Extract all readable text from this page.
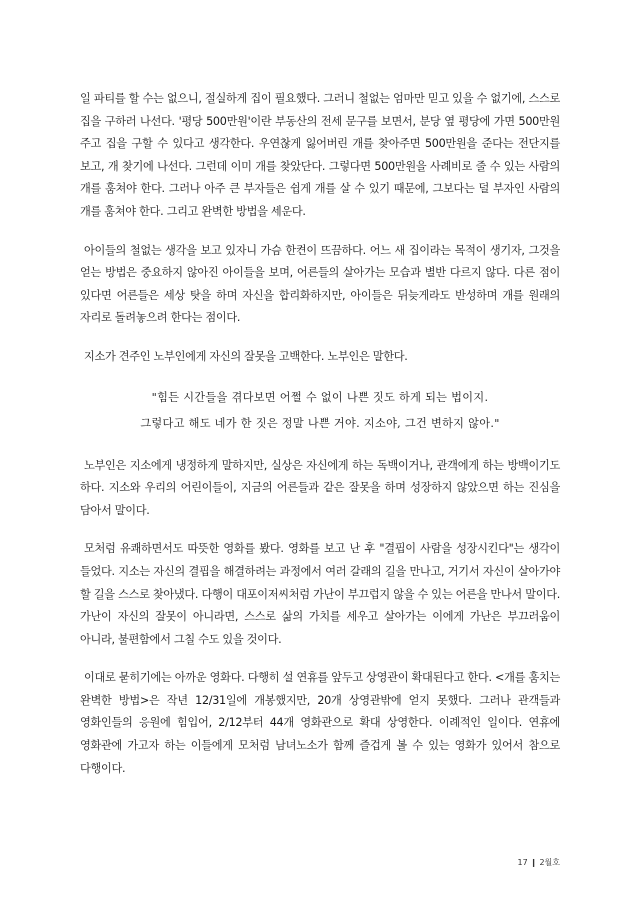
일 파티를 할 수는 없으니, 절실하게 집이 필요했다. 그러니 철없는 엄마만 믿고 있을 수 없기에, 스스로 집을 구하러 나선다. '평당 500만원'이란 부동산의 전세 문구를 보면서, 분당 옆 평당에 가면 500만원 주고 집을 구할 수 있다고 생각한다. 우연찮게 잃어버린 개를 찾아주면 500만원을 준다는 전단지를 보고, 개 찾기에 나선다. 그런데 이미 개를 찾았단다. 그렇다면 500만원을 사례비로 줄 수 있는 사람의 개를 훔쳐야 한다. 그러나 아주 큰 부자들은 쉽게 개를 살 수 있기 때문에, 그보다는 덜 부자인 사람의 개를 훔쳐야 한다. 그리고 완벽한 방법을 세운다.

아이들의 철없는 생각을 보고 있자니 가슴 한켠이 뜨끔하다. 어느 새 집이라는 목적이 생기자, 그것을 얻는 방법은 중요하지 않아진 아이들을 보며, 어른들의 살아가는 모습과 별반 다르지 않다. 다른 점이 있다면 어른들은 세상 탓을 하며 자신을 합리화하지만, 아이들은 뒤늦게라도 반성하며 개를 원래의 자리로 돌려놓으려 한다는 점이다.

지소가 견주인 노부인에게 자신의 잘못을 고백한다. 노부인은 말한다.

"힘든 시간들을 겪다보면 어쩔 수 없이 나쁜 짓도 하게 되는 법이지.
그렇다고 해도 네가 한 짓은 정말 나쁜 거야. 지소야, 그건 변하지 않아."

노부인은 지소에게 냉정하게 말하지만, 실상은 자신에게 하는 독백이거나, 관객에게 하는 방백이기도 하다. 지소와 우리의 어린이들이, 지금의 어른들과 같은 잘못을 하며 성장하지 않았으면 하는 진심을 담아서 말이다.

모처럼 유쾌하면서도 따뜻한 영화를 봤다. 영화를 보고 난 후 "결핍이 사람을 성장시킨다"는 생각이 들었다. 지소는 자신의 결핍을 해결하려는 과정에서 여러 갈래의 길을 만나고, 거기서 자신이 살아가야 할 길을 스스로 찾아냈다. 다행이 대포이저씨처럼 가난이 부끄럽지 않을 수 있는 어른을 만나서 말이다. 가난이 자신의 잘못이 아니라면, 스스로 삶의 가치를 세우고 살아가는 이에게 가난은 부끄러움이 아니라, 불편함에서 그칠 수도 있을 것이다.

이대로 묻히기에는 아까운 영화다. 다행히 설 연휴를 앞두고 상영관이 확대된다고 한다. <개를 훔치는 완벽한 방법>은 작년 12/31일에 개봉했지만, 20개 상영관밖에 얻지 못했다. 그러나 관객들과 영화인들의 응원에 힘입어, 2/12부터 44개 영화관으로 확대 상영한다. 이례적인 일이다. 연휴에 영화관에 가고자 하는 이들에게 모처럼 남녀노소가 함께 즐겁게 볼 수 있는 영화가 있어서 참으로 다행이다.

17 ❙ 2월호
